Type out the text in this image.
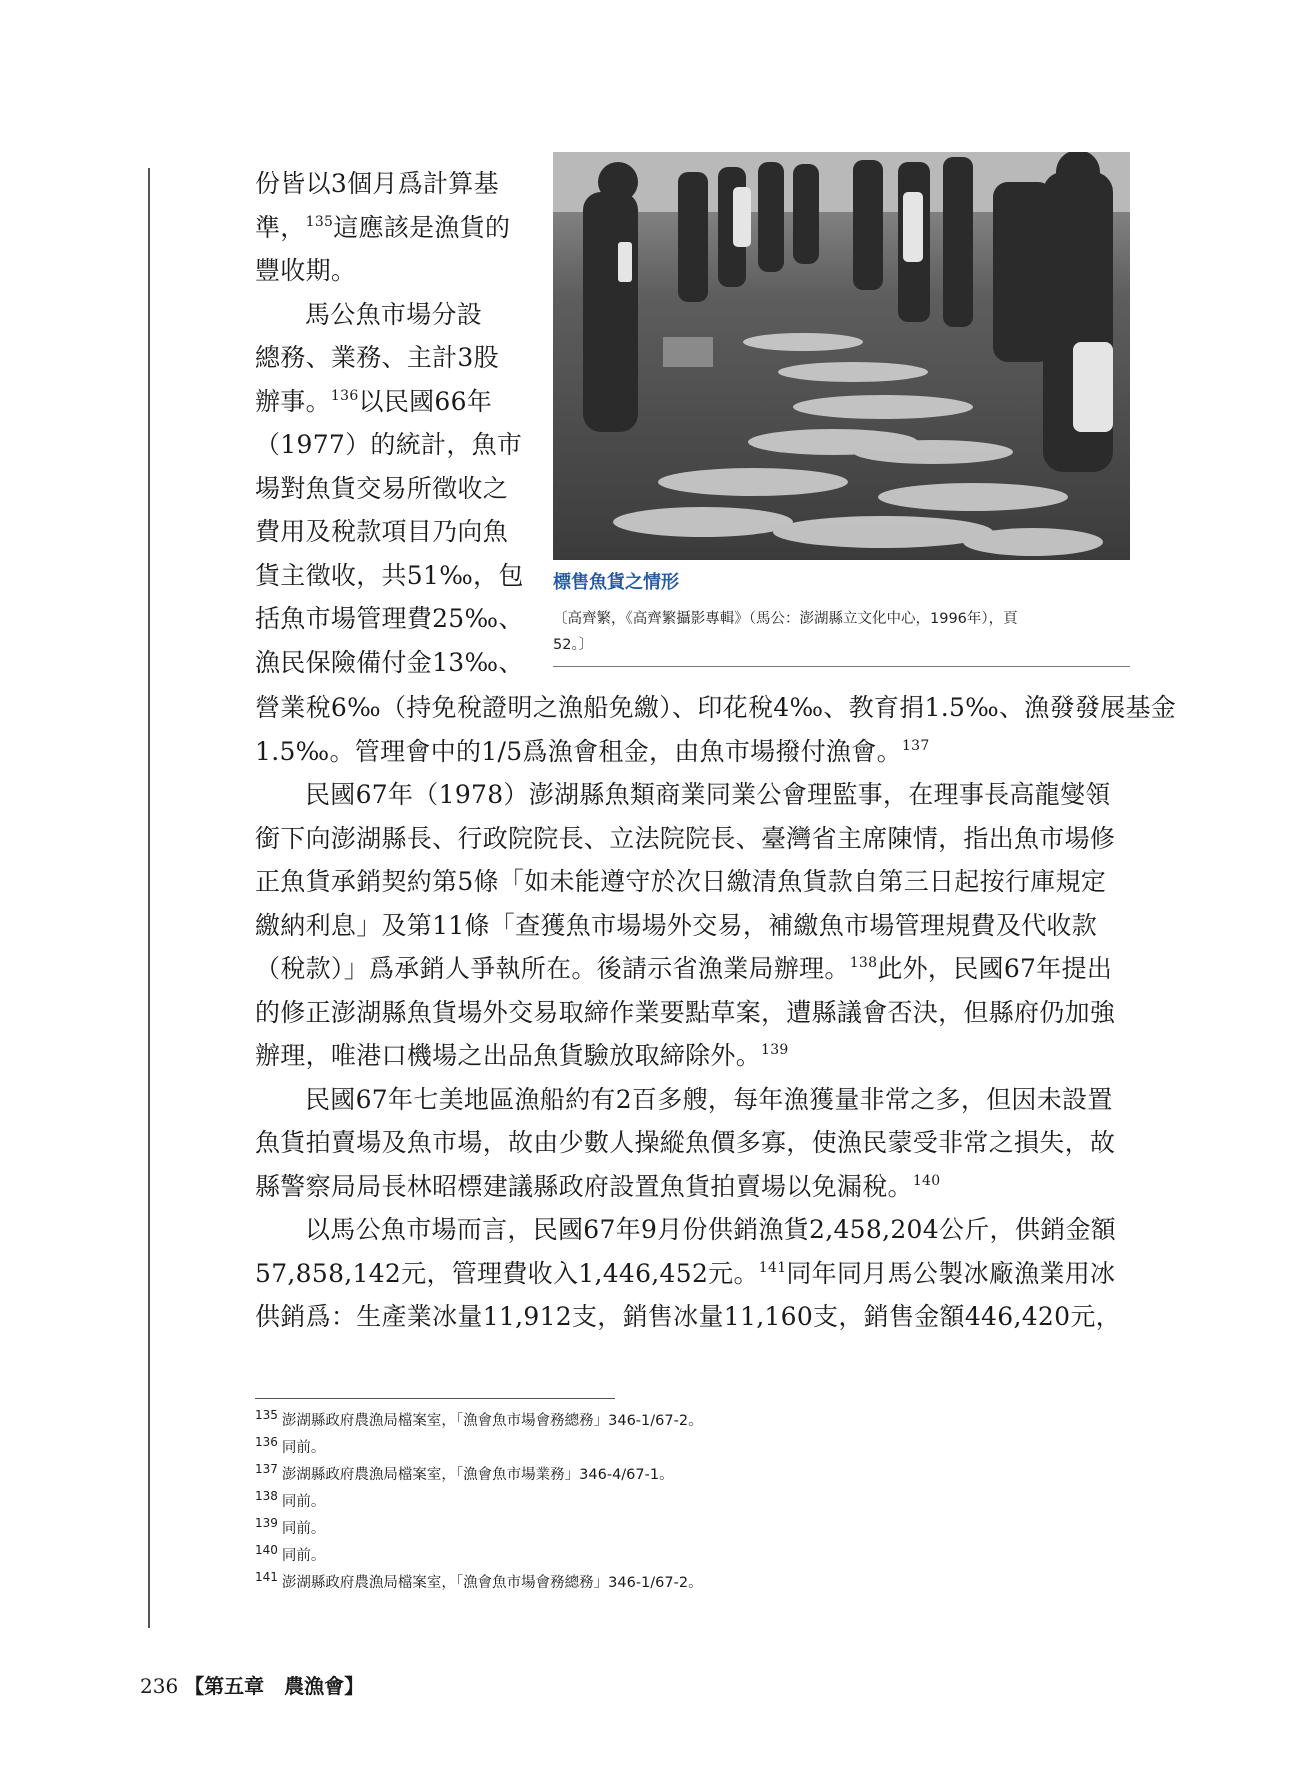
份皆以3個月爲計算基
準，$^{135}$這應該是漁貨的
豐收期。
馬公魚市場分設
總務、業務、主計3股
辦事。$^{136}$以民國66年
（1977）的統計，魚市
場對魚貨交易所徵收之
費用及稅款項目乃向魚
貨主徵收，共51‰，包
括魚市場管理費25‰、
漁民保險備付金13‰、
標售魚貨之情形
〔高齊繁，《高齊繁攝影專輯》（馬公：澎湖縣立文化中心，1996年），頁
52。〕
營業稅6‰（持免稅證明之漁船免繳）、印花稅4‰、教育捐1.5‰、漁發發展基金
1.5‰。管理會中的1/5爲漁會租金，由魚市場撥付漁會。$^{137}$
民國67年（1978）澎湖縣魚類商業同業公會理監事，在理事長高龍燮領
銜下向澎湖縣長、行政院院長、立法院院長、臺灣省主席陳情，指出魚市場修
正魚貨承銷契約第5條「如未能遵守於次日繳清魚貨款自第三日起按行庫規定
繳納利息」及第11條「查獲魚市場場外交易，補繳魚市場管理規費及代收款
（稅款）」爲承銷人爭執所在。後請示省漁業局辦理。$^{138}$此外，民國67年提出
的修正澎湖縣魚貨場外交易取締作業要點草案，遭縣議會否決，但縣府仍加強
辦理，唯港口機場之出品魚貨驗放取締除外。$^{139}$
民國67年七美地區漁船約有2百多艘，每年漁獲量非常之多，但因未設置
魚貨拍賣場及魚市場，故由少數人操縱魚價多寡，使漁民蒙受非常之損失，故
縣警察局局長林昭標建議縣政府設置魚貨拍賣場以免漏稅。$^{140}$
以馬公魚市場而言，民國67年9月份供銷漁貨2,458,204公斤，供銷金額
57,858,142元，管理費收入1,446,452元。$^{141}$同年同月馬公製冰廠漁業用冰
供銷爲：生產業冰量11,912支，銷售冰量11,160支，銷售金額446,420元，
$^{135}$ 澎湖縣政府農漁局檔案室，「漁會魚市場會務總務」346-1/67-2。
$^{136}$ 同前。
$^{137}$ 澎湖縣政府農漁局檔案室，「漁會魚市場業務」346-4/67-1。
$^{138}$ 同前。
$^{139}$ 同前。
$^{140}$ 同前。
$^{141}$ 澎湖縣政府農漁局檔案室，「漁會魚市場會務總務」346-1/67-2。
236 【第五章　農漁會】
